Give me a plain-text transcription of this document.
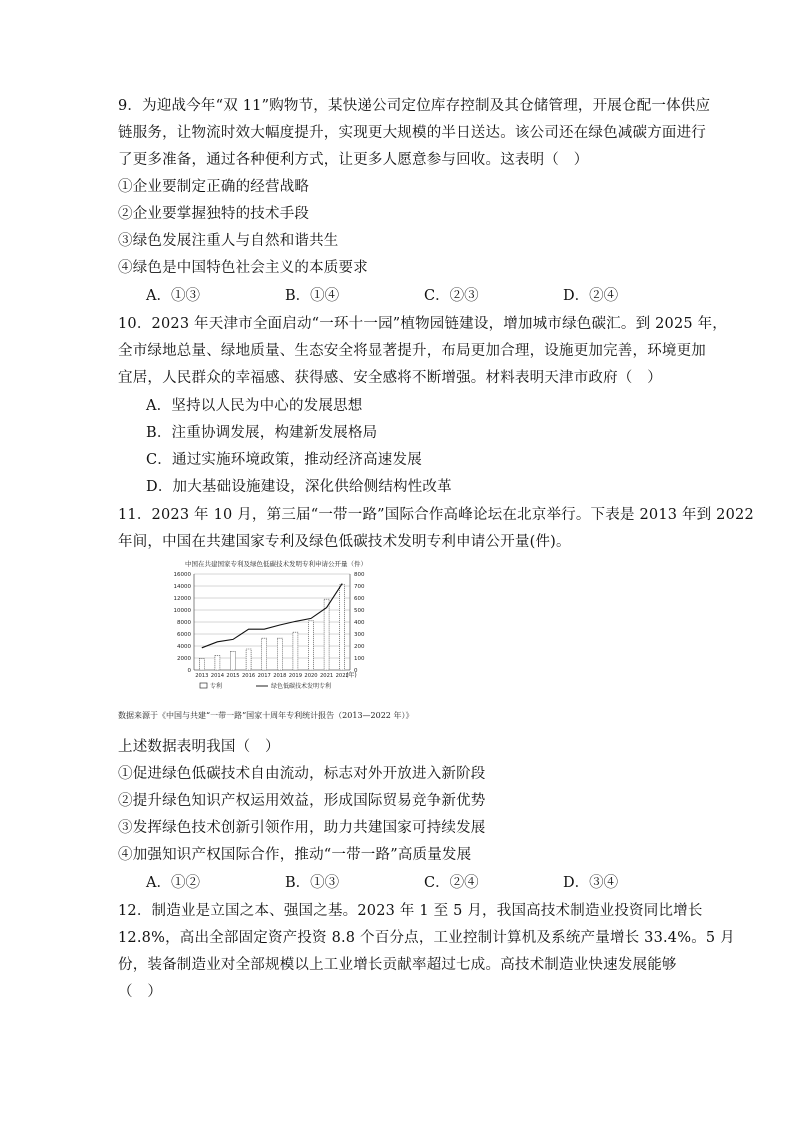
9．为迎战今年“双 11”购物节，某快递公司定位库存控制及其仓储管理，开展仓配一体供应
链服务，让物流时效大幅度提升，实现更大规模的半日送达。该公司还在绿色减碳方面进行
了更多准备，通过各种便利方式，让更多人愿意参与回收。这表明（　）
①企业要制定正确的经营战略
②企业要掌握独特的技术手段
③绿色发展注重人与自然和谐共生
④绿色是中国特色社会主义的本质要求
A．①③	B．①④	C．②③	D．②④
10．2023 年天津市全面启动“一环十一园”植物园链建设，增加城市绿色碳汇。到 2025 年，
全市绿地总量、绿地质量、生态安全将显著提升，布局更加合理，设施更加完善，环境更加
宜居，人民群众的幸福感、获得感、安全感将不断增强。材料表明天津市政府（　）
A．坚持以人民为中心的发展思想
B．注重协调发展，构建新发展格局
C．通过实施环境政策，推动经济高速发展
D．加大基础设施建设，深化供给侧结构性改革
11．2023 年 10 月，第三届“一带一路”国际合作高峰论坛在北京举行。下表是 2013 年到 2022
年间，中国在共建国家专利及绿色低碳技术发明专利申请公开量(件)。
中国在共建国家专利及绿色低碳技术发明专利申请公开量（件）
16000
14000
12000
10000
8000
6000
4000
2000
0
800
700
600
500
400
300
200
100
0
2013 2014 2015 2016 2017 2018 2019 2020 2021 2022
(年)
专利	绿色低碳技术发明专利
数据来源于《中国与共建“一带一路”国家十周年专利统计报告（2013—2022 年）》
上述数据表明我国（　）
①促进绿色低碳技术自由流动，标志对外开放进入新阶段
②提升绿色知识产权运用效益，形成国际贸易竞争新优势
③发挥绿色技术创新引领作用，助力共建国家可持续发展
④加强知识产权国际合作，推动“一带一路”高质量发展
A．①②	B．①③	C．②④	D．③④
12．制造业是立国之本、强国之基。2023 年 1 至 5 月，我国高技术制造业投资同比增长
12.8%，高出全部固定资产投资 8.8 个百分点，工业控制计算机及系统产量增长 33.4%。5 月
份，装备制造业对全部规模以上工业增长贡献率超过七成。高技术制造业快速发展能够
（　）
